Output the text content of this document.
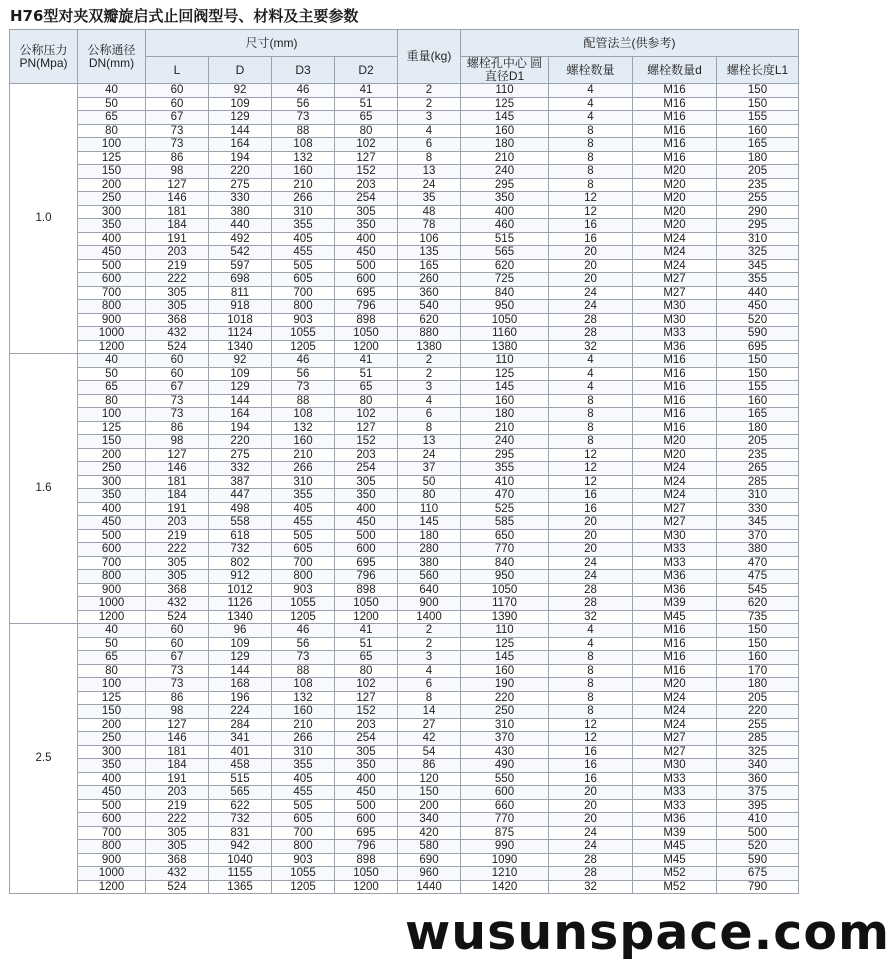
H76型对夹双瓣旋启式止回阀型号、材料及主要参数
公称压力 PN(Mpa)	公称通径 DN(mm)	尺寸(mm)				重量(kg)	配管法兰(供参考)			
		L	D	D3	D2		螺栓孔中心 圆直径D1	螺栓数量	螺栓数量d	螺栓长度L1
1.0	40	60	92	46	41	2	110	4	M16	150
	50	60	109	56	51	2	125	4	M16	150
	65	67	129	73	65	3	145	4	M16	155
	80	73	144	88	80	4	160	8	M16	160
	100	73	164	108	102	6	180	8	M16	165
	125	86	194	132	127	8	210	8	M16	180
	150	98	220	160	152	13	240	8	M20	205
	200	127	275	210	203	24	295	8	M20	235
	250	146	330	266	254	35	350	12	M20	255
	300	181	380	310	305	48	400	12	M20	290
	350	184	440	355	350	78	460	16	M20	295
	400	191	492	405	400	106	515	16	M24	310
	450	203	542	455	450	135	565	20	M24	325
	500	219	597	505	500	165	620	20	M24	345
	600	222	698	605	600	260	725	20	M27	355
	700	305	811	700	695	360	840	24	M27	440
	800	305	918	800	796	540	950	24	M30	450
	900	368	1018	903	898	620	1050	28	M30	520
	1000	432	1124	1055	1050	880	1160	28	M33	590
	1200	524	1340	1205	1200	1380	1380	32	M36	695
1.6	40	60	92	46	41	2	110	4	M16	150
	50	60	109	56	51	2	125	4	M16	150
	65	67	129	73	65	3	145	4	M16	155
	80	73	144	88	80	4	160	8	M16	160
	100	73	164	108	102	6	180	8	M16	165
	125	86	194	132	127	8	210	8	M16	180
	150	98	220	160	152	13	240	8	M20	205
	200	127	275	210	203	24	295	12	M20	235
	250	146	332	266	254	37	355	12	M24	265
	300	181	387	310	305	50	410	12	M24	285
	350	184	447	355	350	80	470	16	M24	310
	400	191	498	405	400	110	525	16	M27	330
	450	203	558	455	450	145	585	20	M27	345
	500	219	618	505	500	180	650	20	M30	370
	600	222	732	605	600	280	770	20	M33	380
	700	305	802	700	695	380	840	24	M33	470
	800	305	912	800	796	560	950	24	M36	475
	900	368	1012	903	898	640	1050	28	M36	545
	1000	432	1126	1055	1050	900	1170	28	M39	620
	1200	524	1340	1205	1200	1400	1390	32	M45	735
2.5	40	60	96	46	41	2	110	4	M16	150
	50	60	109	56	51	2	125	4	M16	150
	65	67	129	73	65	3	145	8	M16	160
	80	73	144	88	80	4	160	8	M16	170
	100	73	168	108	102	6	190	8	M20	180
	125	86	196	132	127	8	220	8	M24	205
	150	98	224	160	152	14	250	8	M24	220
	200	127	284	210	203	27	310	12	M24	255
	250	146	341	266	254	42	370	12	M27	285
	300	181	401	310	305	54	430	16	M27	325
	350	184	458	355	350	86	490	16	M30	340
	400	191	515	405	400	120	550	16	M33	360
	450	203	565	455	450	150	600	20	M33	375
	500	219	622	505	500	200	660	20	M33	395
	600	222	732	605	600	340	770	20	M36	410
	700	305	831	700	695	420	875	24	M39	500
	800	305	942	800	796	580	990	24	M45	520
	900	368	1040	903	898	690	1090	28	M45	590
	1000	432	1155	1055	1050	960	1210	28	M52	675
	1200	524	1365	1205	1200	1440	1420	32	M52	790
wusunspace.com
